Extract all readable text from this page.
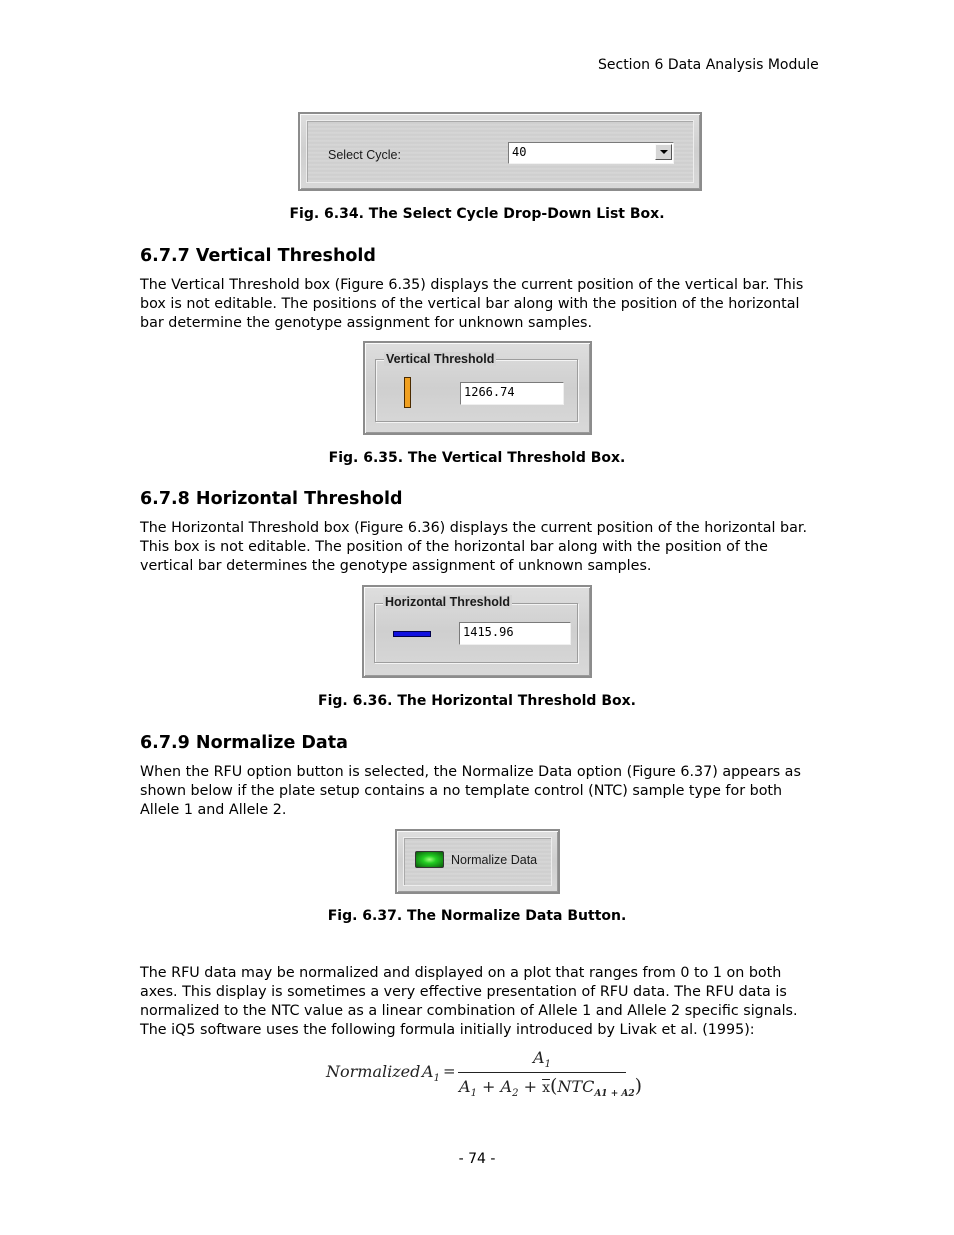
Section 6 Data Analysis Module
Select Cycle:	40
Fig. 6.34. The Select Cycle Drop-Down List Box.
6.7.7 Vertical Threshold
The Vertical Threshold box (Figure 6.35) displays the current position of the vertical bar. This box is not editable. The positions of the vertical bar along with the position of the horizontal bar determine the genotype assignment for unknown samples.
Vertical Threshold
1266.74
Fig. 6.35. The Vertical Threshold Box.
6.7.8 Horizontal Threshold
The Horizontal Threshold box (Figure 6.36) displays the current position of the horizontal bar. This box is not editable. The position of the horizontal bar along with the position of the vertical bar determines the genotype assignment of unknown samples.
Horizontal Threshold
1415.96
Fig. 6.36. The Horizontal Threshold Box.
6.7.9 Normalize Data
When the RFU option button is selected, the Normalize Data option (Figure 6.37) appears as shown below if the plate setup contains a no template control (NTC) sample type for both Allele 1 and Allele 2.
Normalize Data
Fig. 6.37. The Normalize Data Button.
The RFU data may be normalized and displayed on a plot that ranges from 0 to 1 on both axes. This display is sometimes a very effective presentation of RFU data. The RFU data is normalized to the NTC value as a linear combination of Allele 1 and Allele 2 specific signals. The iQ5 software uses the following formula initially introduced by Livak et al. (1995):
Normalized $A_1$ =
$A_1$
$A_1 + A_2 + \overline{x}(NTC_{A1 + A2})$
- 74 -
